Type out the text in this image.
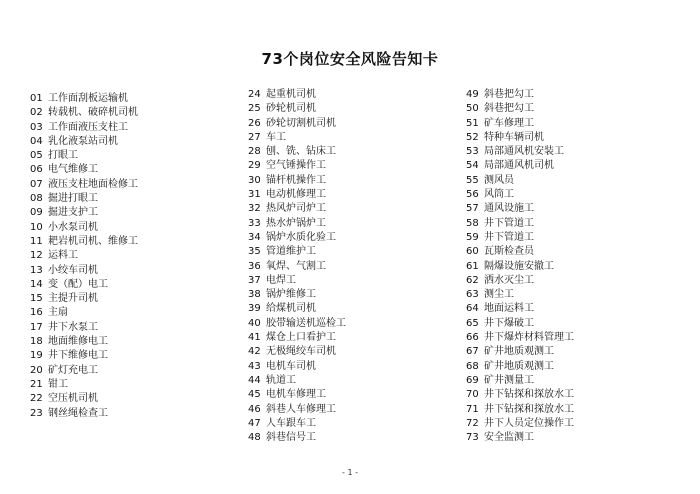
73个岗位安全风险告知卡
01 工作面刮板运输机
02 转载机、破碎机司机
03 工作面液压支柱工
04 乳化液泵站司机
05 打眼工
06 电气维修工
07 液压支柱地面检修工
08 掘进打眼工
09 掘进支护工
10 小水泵司机
11 耙岩机司机、维修工
12 运料工
13 小绞车司机
14 变（配）电工
15 主提升司机
16 主扇
17 井下水泵工
18 地面维修电工
19 井下维修电工
20 矿灯充电工
21 钳工
22 空压机司机
23 钢丝绳检查工
24 起重机司机
25 砂轮机司机
26 砂轮切割机司机
27 车工
28 刨、铣、钻床工
29 空气锤操作工
30 锚杆机操作工
31 电动机修理工
32 热风炉司炉工
33 热水炉锅炉工
34 锅炉水质化验工
35 管道维护工
36 氧焊、气割工
37 电焊工
38 锅炉维修工
39 给煤机司机
40 胶带输送机巡检工
41 煤仓上口看护工
42 无极绳绞车司机
43 电机车司机
44 轨道工
45 电机车修理工
46 斜巷人车修理工
47 人车跟车工
48 斜巷信号工
49 斜巷把勾工
50 斜巷把勾工
51 矿车修理工
52 特种车辆司机
53 局部通风机安装工
54 局部通风机司机
55 测风员
56 风筒工
57 通风设施工
58 井下管道工
59 井下管道工
60 瓦斯检查员
61 隔爆设施安撤工
62 洒水灭尘工
63 测尘工
64 地面运料工
65 井下爆破工
66 井下爆炸材料管理工
67 矿井地质观测工
68 矿井地质观测工
69 矿井测量工
70 井下钻探和探放水工
71 井下钻探和探放水工
72 井下人员定位操作工
73 安全监测工
- 1 -
